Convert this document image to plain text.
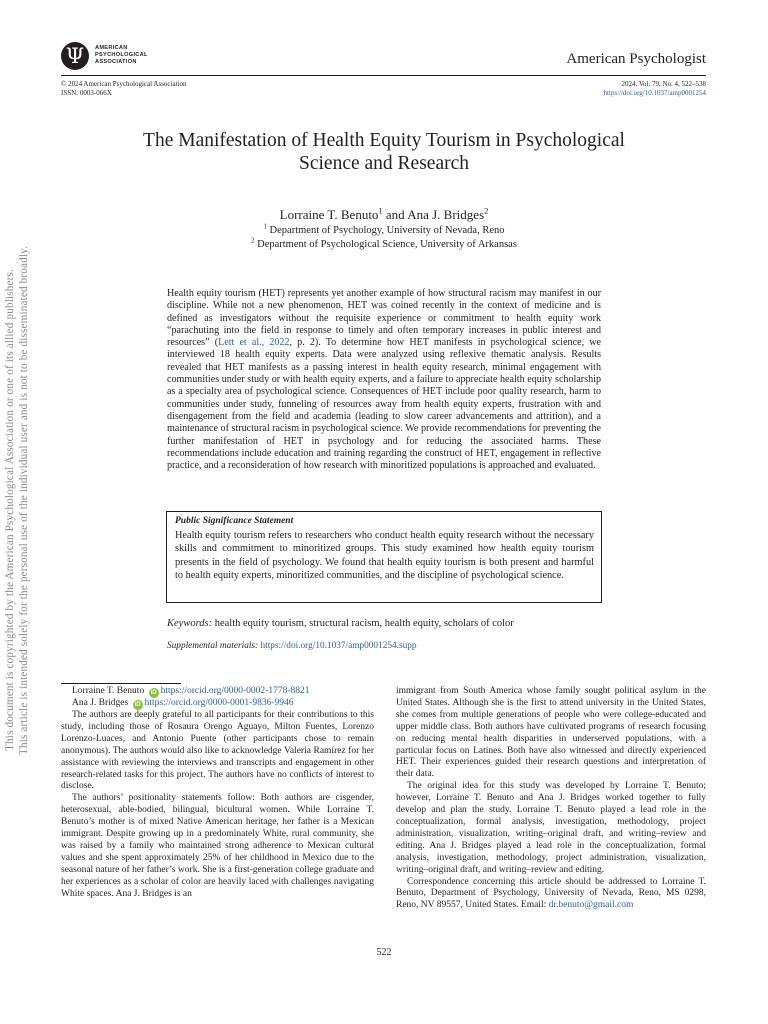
Ψ	AMERICAN
PSYCHOLOGICAL
ASSOCIATION	American Psychologist
© 2024 American Psychological Association
ISSN: 0003-066X
2024, Vol. 79, No. 4, 522–538
https://doi.org/10.1037/amp0001254
The Manifestation of Health Equity Tourism in Psychological
Science and Research
Lorraine T. Benuto$^1$ and Ana J. Bridges$^2$
$^1$ Department of Psychology, University of Nevada, Reno
$^2$ Department of Psychological Science, University of Arkansas
Health equity tourism (HET) represents yet another example of how structural racism may manifest in our discipline. While not a new phenomenon, HET was coined recently in the context of medicine and is defined as investigators without the requisite experience or commitment to health equity work “parachuting into the field in response to timely and often temporary increases in public interest and resources” (Lett et al., 2022, p. 2). To determine how HET manifests in psychological science, we interviewed 18 health equity experts. Data were analyzed using reflexive thematic analysis. Results revealed that HET manifests as a passing interest in health equity research, minimal engagement with communities under study or with health equity experts, and a failure to appreciate health equity scholarship as a specialty area of psychological science. Consequences of HET include poor quality research, harm to communities under study, funneling of resources away from health equity experts, frustration with and disengagement from the field and academia (leading to slow career advancements and attrition), and a maintenance of structural racism in psychological science. We provide recommendations for preventing the further manifestation of HET in psychology and for reducing the associated harms. These recommendations include education and training regarding the construct of HET, engagement in reflective practice, and a reconsideration of how research with minoritized populations is approached and evaluated.
Public Significance Statement
Health equity tourism refers to researchers who conduct health equity research without the necessary skills and commitment to minoritized groups. This study examined how health equity tourism presents in the field of psychology. We found that health equity tourism is both present and harmful to health equity experts, minoritized communities, and the discipline of psychological science.
Keywords: health equity tourism, structural racism, health equity, scholars of color
Supplemental materials: https://doi.org/10.1037/amp0001254.supp
This document is copyrighted by the American Psychological Association or one of its allied publishers. This article is intended solely for the personal use of the individual user and is not to be disseminated broadly.	Lorraine T. Benuto iD https://orcid.org/0000-0002-1778-8821
Ana J. Bridges iD https://orcid.org/0000-0001-9836-9946

The authors are deeply grateful to all participants for their contributions to this study, including those of Rosaura Orengo Aguayo, Milton Fuentes, Lorenzo Lorenzo-Luaces, and Antonio Puente (other participants chose to remain anonymous). The authors would also like to acknowledge Valeria Ramírez for her assistance with reviewing the interviews and transcripts and engagement in other research-related tasks for this project. The authors have no conflicts of interest to disclose.

The authors’ positionality statements follow: Both authors are cisgender, heterosexual, able-bodied, bilingual, bicultural women. While Lorraine T. Benuto’s mother is of mixed Native American heritage, her father is a Mexican immigrant. Despite growing up in a predominately White, rural community, she was raised by a family who maintained strong adherence to Mexican cultural values and she spent approximately 25% of her childhood in Mexico due to the seasonal nature of her father’s work. She is a first-generation college graduate and her experiences as a scholar of color are heavily laced with challenges navigating White spaces. Ana J. Bridges is an

immigrant from South America whose family sought political asylum in the United States. Although she is the first to attend university in the United States, she comes from multiple generations of people who were college-educated and upper middle class. Both authors have cultivated programs of research focusing on reducing mental health disparities in underserved populations, with a particular focus on Latines. Both have also witnessed and directly experienced HET. Their experiences guided their research questions and interpretation of their data.

The original idea for this study was developed by Lorraine T. Benuto; however, Lorraine T. Benuto and Ana J. Bridges worked together to fully develop and plan the study. Lorraine T. Benuto played a lead role in the conceptualization, formal analysis, investigation, methodology, project administration, visualization, writing–original draft, and writing–review and editing. Ana J. Bridges played a lead role in the conceptualization, formal analysis, investigation, methodology, project administration, visualization, writing–original draft, and writing–review and editing.

Correspondence concerning this article should be addressed to Lorraine T. Benuto, Department of Psychology, University of Nevada, Reno, MS 0298, Reno, NV 89557, United States. Email: dr.benuto@gmail.com

522
